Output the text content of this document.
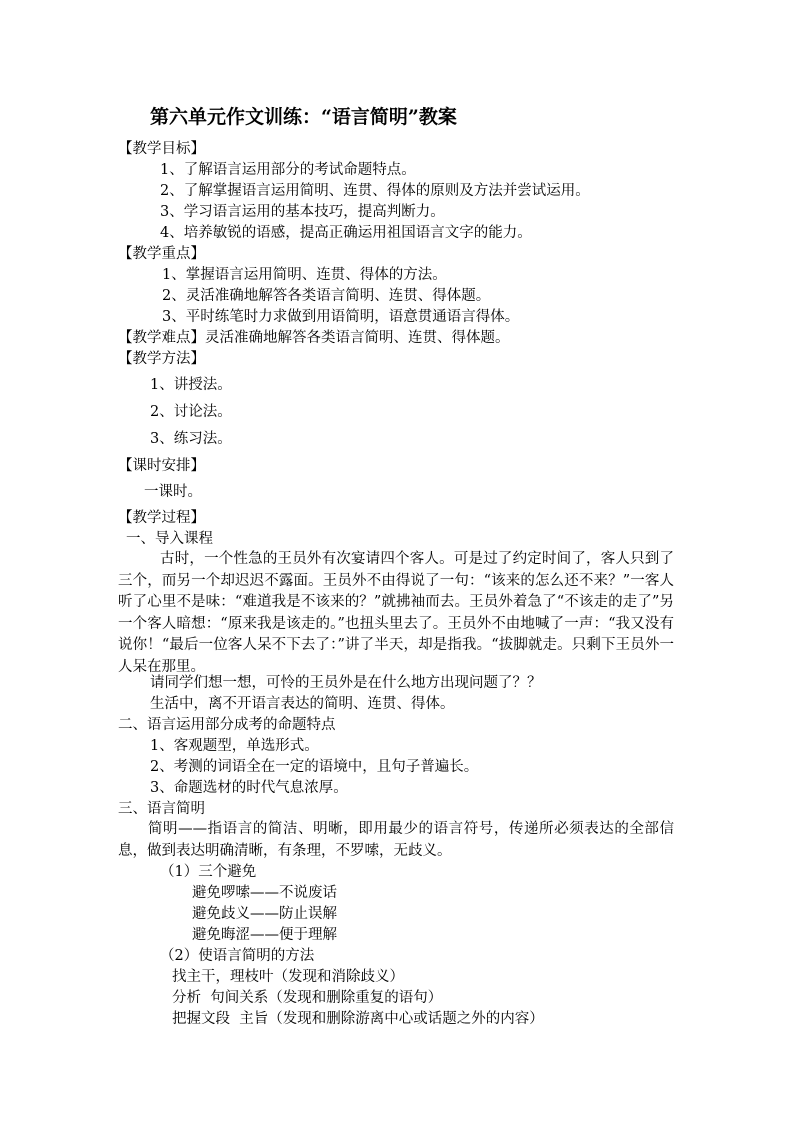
第六单元作文训练：“语言简明”教案
【教学目标】
1、了解语言运用部分的考试命题特点。
2、了解掌握语言运用简明、连贯、得体的原则及方法并尝试运用。
3、学习语言运用的基本技巧，提高判断力。
4、培养敏锐的语感，提高正确运用祖国语言文字的能力。
【教学重点】
1、掌握语言运用简明、连贯、得体的方法。
2、灵活准确地解答各类语言简明、连贯、得体题。
3、平时练笔时力求做到用语简明，语意贯通语言得体。
【教学难点】灵活准确地解答各类语言简明、连贯、得体题。
【教学方法】
1、讲授法。
2、讨论法。
3、练习法。
【课时安排】
一课时。
【教学过程】
一、导入课程
古时，一个性急的王员外有次宴请四个客人。可是过了约定时间了，客人只到了三个，而另一个却迟迟不露面。王员外不由得说了一句：“该来的怎么还不来？”一客人听了心里不是味：“难道我是不该来的？”就拂袖而去。王员外着急了“不该走的走了”另一个客人暗想：“原来我是该走的。”也扭头里去了。王员外不由地喊了一声：“我又没有说你！“最后一位客人呆不下去了：”讲了半天，却是指我。“拔脚就走。只剩下王员外一人呆在那里。
请同学们想一想，可怜的王员外是在什么地方出现问题了？？
生活中，离不开语言表达的简明、连贯、得体。
二、语言运用部分成考的命题特点
1、客观题型，单选形式。
2、考测的词语全在一定的语境中，且句子普遍长。
3、命题选材的时代气息浓厚。
三、语言简明
简明——指语言的简洁、明晰，即用最少的语言符号，传递所必须表达的全部信息，做到表达明确清晰，有条理，不罗嗦，无歧义。
（1）三个避免
避免啰嗦——不说废话
避免歧义——防止误解
避免晦涩——便于理解
（2）使语言简明的方法
找主干，理枝叶（发现和消除歧义）
分析  句间关系（发现和删除重复的语句）
把握文段  主旨（发现和删除游离中心或话题之外的内容）
